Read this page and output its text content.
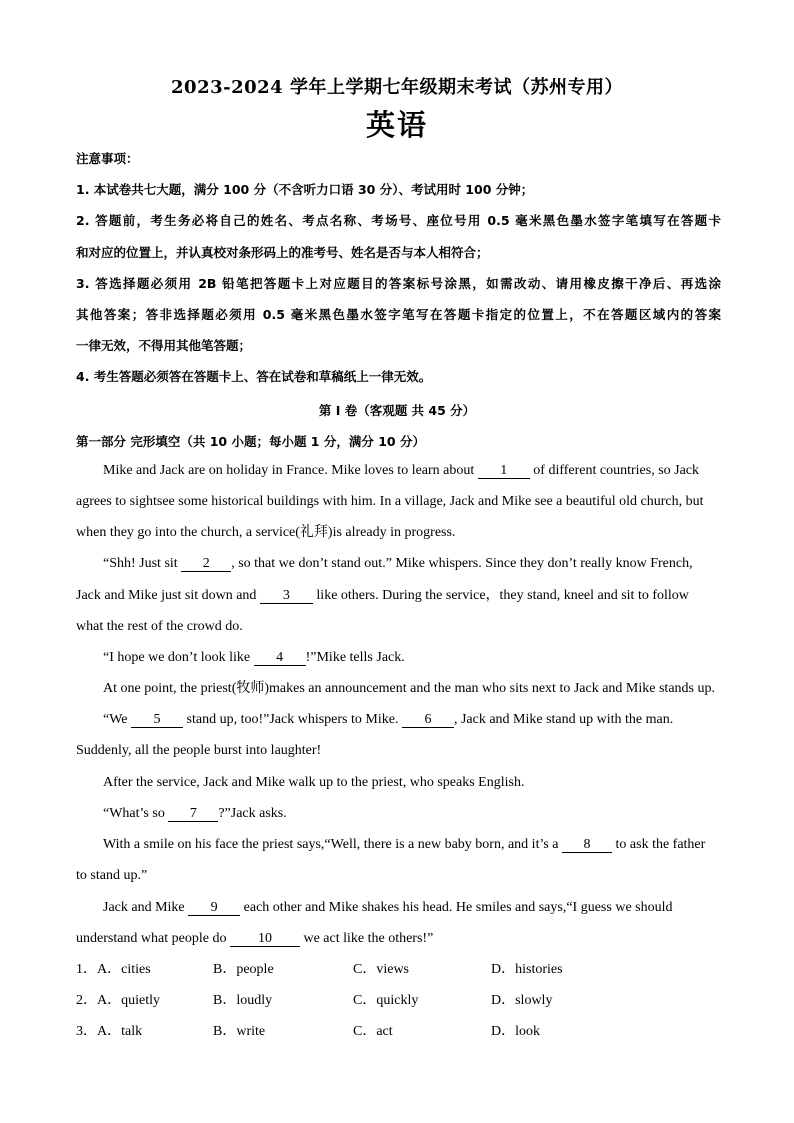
2023-2024 学年上学期七年级期末考试（苏州专用）
英语
注意事项：
1. 本试卷共七大题，满分 100 分（不含听力口语 30 分）、考试用时 100 分钟；
2. 答题前，考生务必将自己的姓名、考点名称、考场号、座位号用 0.5 毫米黑色墨水签字笔填写在答题卡
和对应的位置上，并认真校对条形码上的准考号、姓名是否与本人相符合；
3. 答选择题必须用 2B 铅笔把答题卡上对应题目的答案标号涂黑，如需改动、请用橡皮擦干净后、再选涂
其他答案；答非选择题必须用 0.5 毫米黑色墨水签字笔写在答题卡指定的位置上，不在答题区域内的答案
一律无效，不得用其他笔答题；
4. 考生答题必须答在答题卡上、答在试卷和草稿纸上一律无效。
第 I 卷（客观题 共 45 分）
第一部分 完形填空（共 10 小题；每小题 1 分，满分 10 分）
Mike and Jack are on holiday in France. Mike loves to learn about 1 of different countries, so Jack
agrees to sightsee some historical buildings with him. In a village, Jack and Mike see a beautiful old church, but
when they go into the church, a service(礼拜)is already in progress.
“Shh! Just sit 2 , so that we don’t stand out.” Mike whispers. Since they don’t really know French,
Jack and Mike just sit down and 3 like others. During the service，they stand, kneel and sit to follow
what the rest of the crowd do.
“I hope we don’t look like 4 !”Mike tells Jack.
At one point, the priest(牧师)makes an announcement and the man who sits next to Jack and Mike stands up.
“We 5 stand up, too!”Jack whispers to Mike. 6 , Jack and Mike stand up with the man.
Suddenly, all the people burst into laughter!
After the service, Jack and Mike walk up to the priest, who speaks English.
“What’s so 7 ?”Jack asks.
With a smile on his face the priest says,“Well, there is a new baby born, and it’s a 8 to ask the father
to stand up.”
Jack and Mike 9 each other and Mike shakes his head. He smiles and says,“I guess we should
understand what people do 10 we act like the others!”
1． A．cities	B．people	C．views	D．histories
2． A．quietly	B．loudly	C．quickly	D．slowly
3． A．talk	B．write	C．act	D．look
